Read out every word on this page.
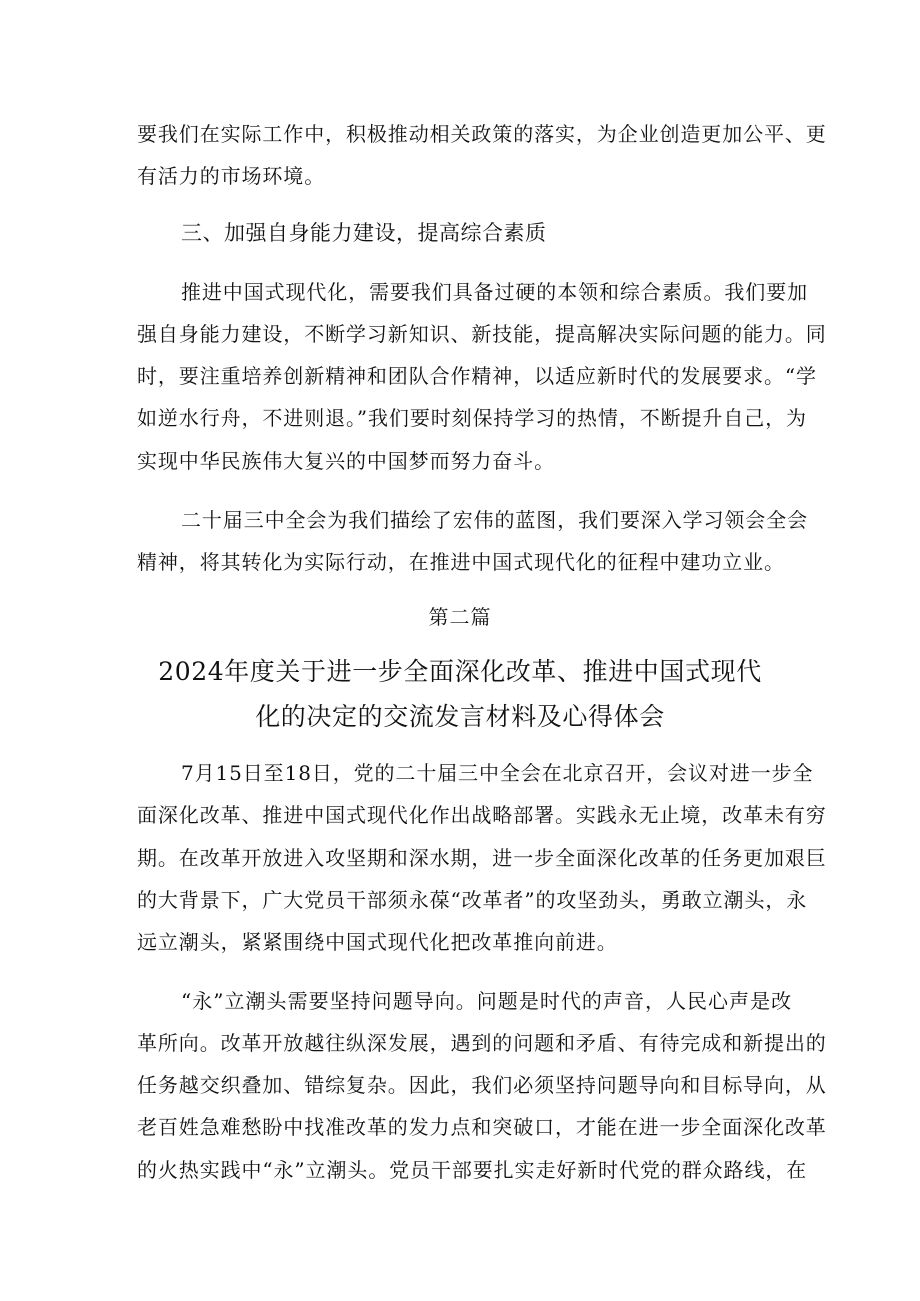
要我们在实际工作中，积极推动相关政策的落实，为企业创造更加公平、更
有活力的市场环境。
三、加强自身能力建设，提高综合素质
推进中国式现代化，需要我们具备过硬的本领和综合素质。我们要加
强自身能力建设，不断学习新知识、新技能，提高解决实际问题的能力。同
时，要注重培养创新精神和团队合作精神，以适应新时代的发展要求。“学
如逆水行舟，不进则退。”我们要时刻保持学习的热情，不断提升自己，为
实现中华民族伟大复兴的中国梦而努力奋斗。
二十届三中全会为我们描绘了宏伟的蓝图，我们要深入学习领会全会
精神，将其转化为实际行动，在推进中国式现代化的征程中建功立业。
第二篇
2024年度关于进一步全面深化改革、推进中国式现代
化的决定的交流发言材料及心得体会
7月15日至18日，党的二十届三中全会在北京召开，会议对进一步全
面深化改革、推进中国式现代化作出战略部署。实践永无止境，改革未有穷
期。在改革开放进入攻坚期和深水期，进一步全面深化改革的任务更加艰巨
的大背景下，广大党员干部须永葆“改革者”的攻坚劲头，勇敢立潮头，永
远立潮头，紧紧围绕中国式现代化把改革推向前进。
“永”立潮头需要坚持问题导向。问题是时代的声音，人民心声是改
革所向。改革开放越往纵深发展，遇到的问题和矛盾、有待完成和新提出的
任务越交织叠加、错综复杂。因此，我们必须坚持问题导向和目标导向，从
老百姓急难愁盼中找准改革的发力点和突破口，才能在进一步全面深化改革
的火热实践中“永”立潮头。党员干部要扎实走好新时代党的群众路线，在
